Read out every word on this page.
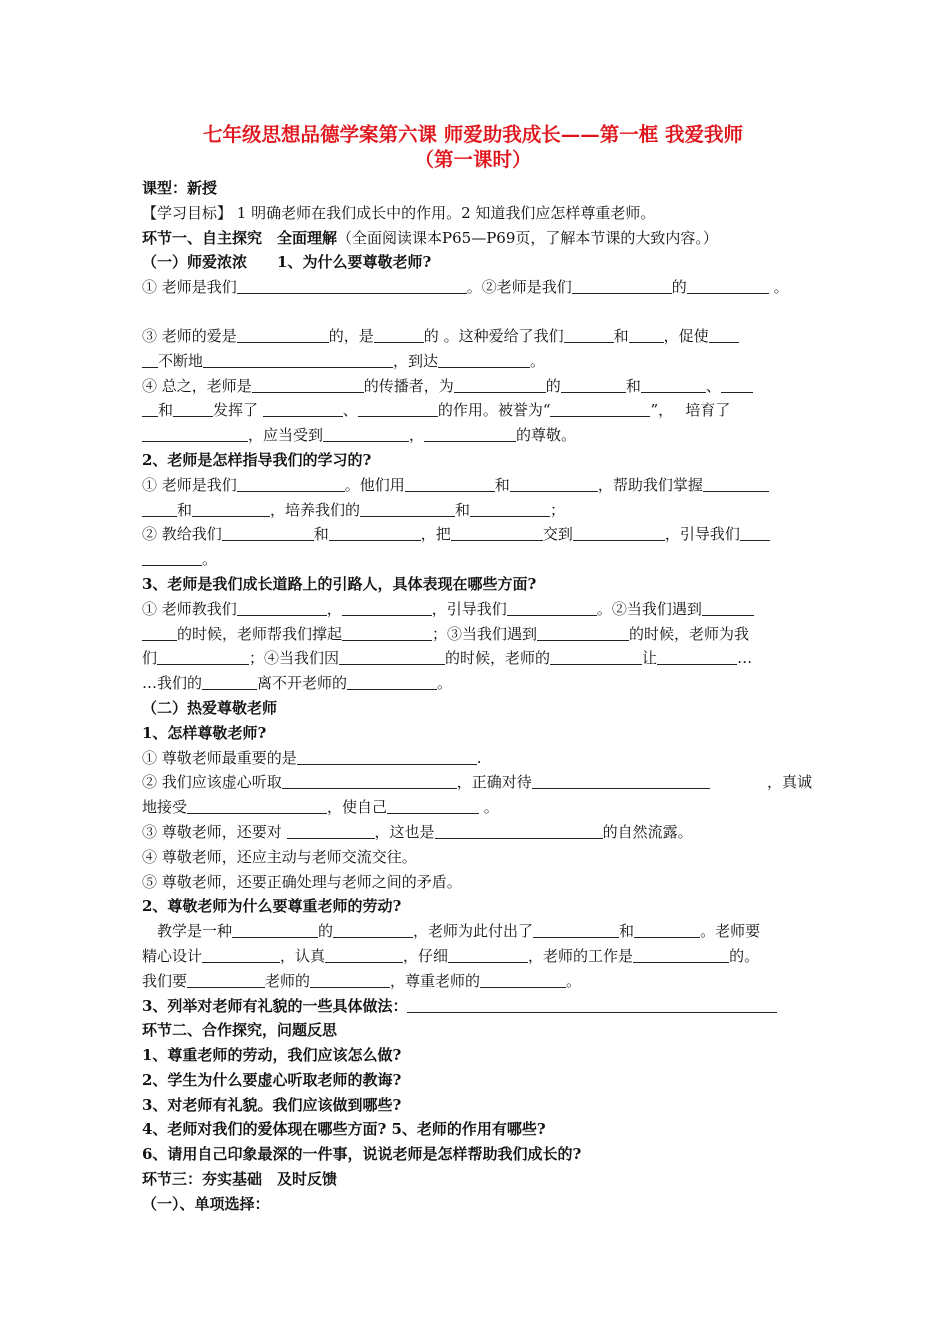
七年级思想品德学案第六课 师爱助我成长——第一框 我爱我师
（第一课时）
课型：新授
【学习目标】 1 明确老师在我们成长中的作用。2 知道我们应怎样尊重老师。
环节一、自主探究　全面理解（全面阅读课本P65—P69页，了解本节课的大致内容。）
（一）师爱浓浓　　1、为什么要尊敬老师?
① 老师是我们	。②老师是我们	的	。
③ 老师的爱是	的，是	的 。这种爱给了我们	和 ，促使
不断地	，到达	。
④ 总之，老师是	的传播者，为	的	和	、
和	发挥了	、	的作用。被誉为“	”，　 培育了
，应当受到	，	的尊敬。
2、老师是怎样指导我们的学习的?
① 老师是我们	。他们用	和	，帮助我们掌握
和	，培养我们的	和	；
② 教给我们	和	，把	交到	，引导我们
。
3、老师是我们成长道路上的引路人，具体表现在哪些方面?
① 老师教我们	，	，引导我们	。②当我们遇到
的时候，老师帮我们撑起	；③当我们遇到	的时候，老师为我
们	；④当我们因	的时候，老师的	让	…
…我们的	离不开老师的	。
（二）热爱尊敬老师
1、怎样尊敬老师?
① 尊敬老师最重要的是	.
② 我们应该虚心听取	，正确对待	，真诚
地接受	，使自己	。
③ 尊敬老师，还要对	，这也是	的自然流露。
④ 尊敬老师，还应主动与老师交流交往。
⑤ 尊敬老师，还要正确处理与老师之间的矛盾。
2、尊敬老师为什么要尊重老师的劳动?
　教学是一种	的	，老师为此付出了	和	。老师要
精心设计	，认真	，仔细	，老师的工作是	的。
我们要	老师的	，尊重老师的	。
3、列举对老师有礼貌的一些具体做法：
环节二、合作探究，问题反思
1、尊重老师的劳动，我们应该怎么做?
2、学生为什么要虚心听取老师的教诲?
3、对老师有礼貌。我们应该做到哪些?
4、老师对我们的爱体现在哪些方面? 5、老师的作用有哪些?
6、请用自己印象最深的一件事，说说老师是怎样帮助我们成长的?
环节三：夯实基础　及时反馈
（一）、单项选择：
